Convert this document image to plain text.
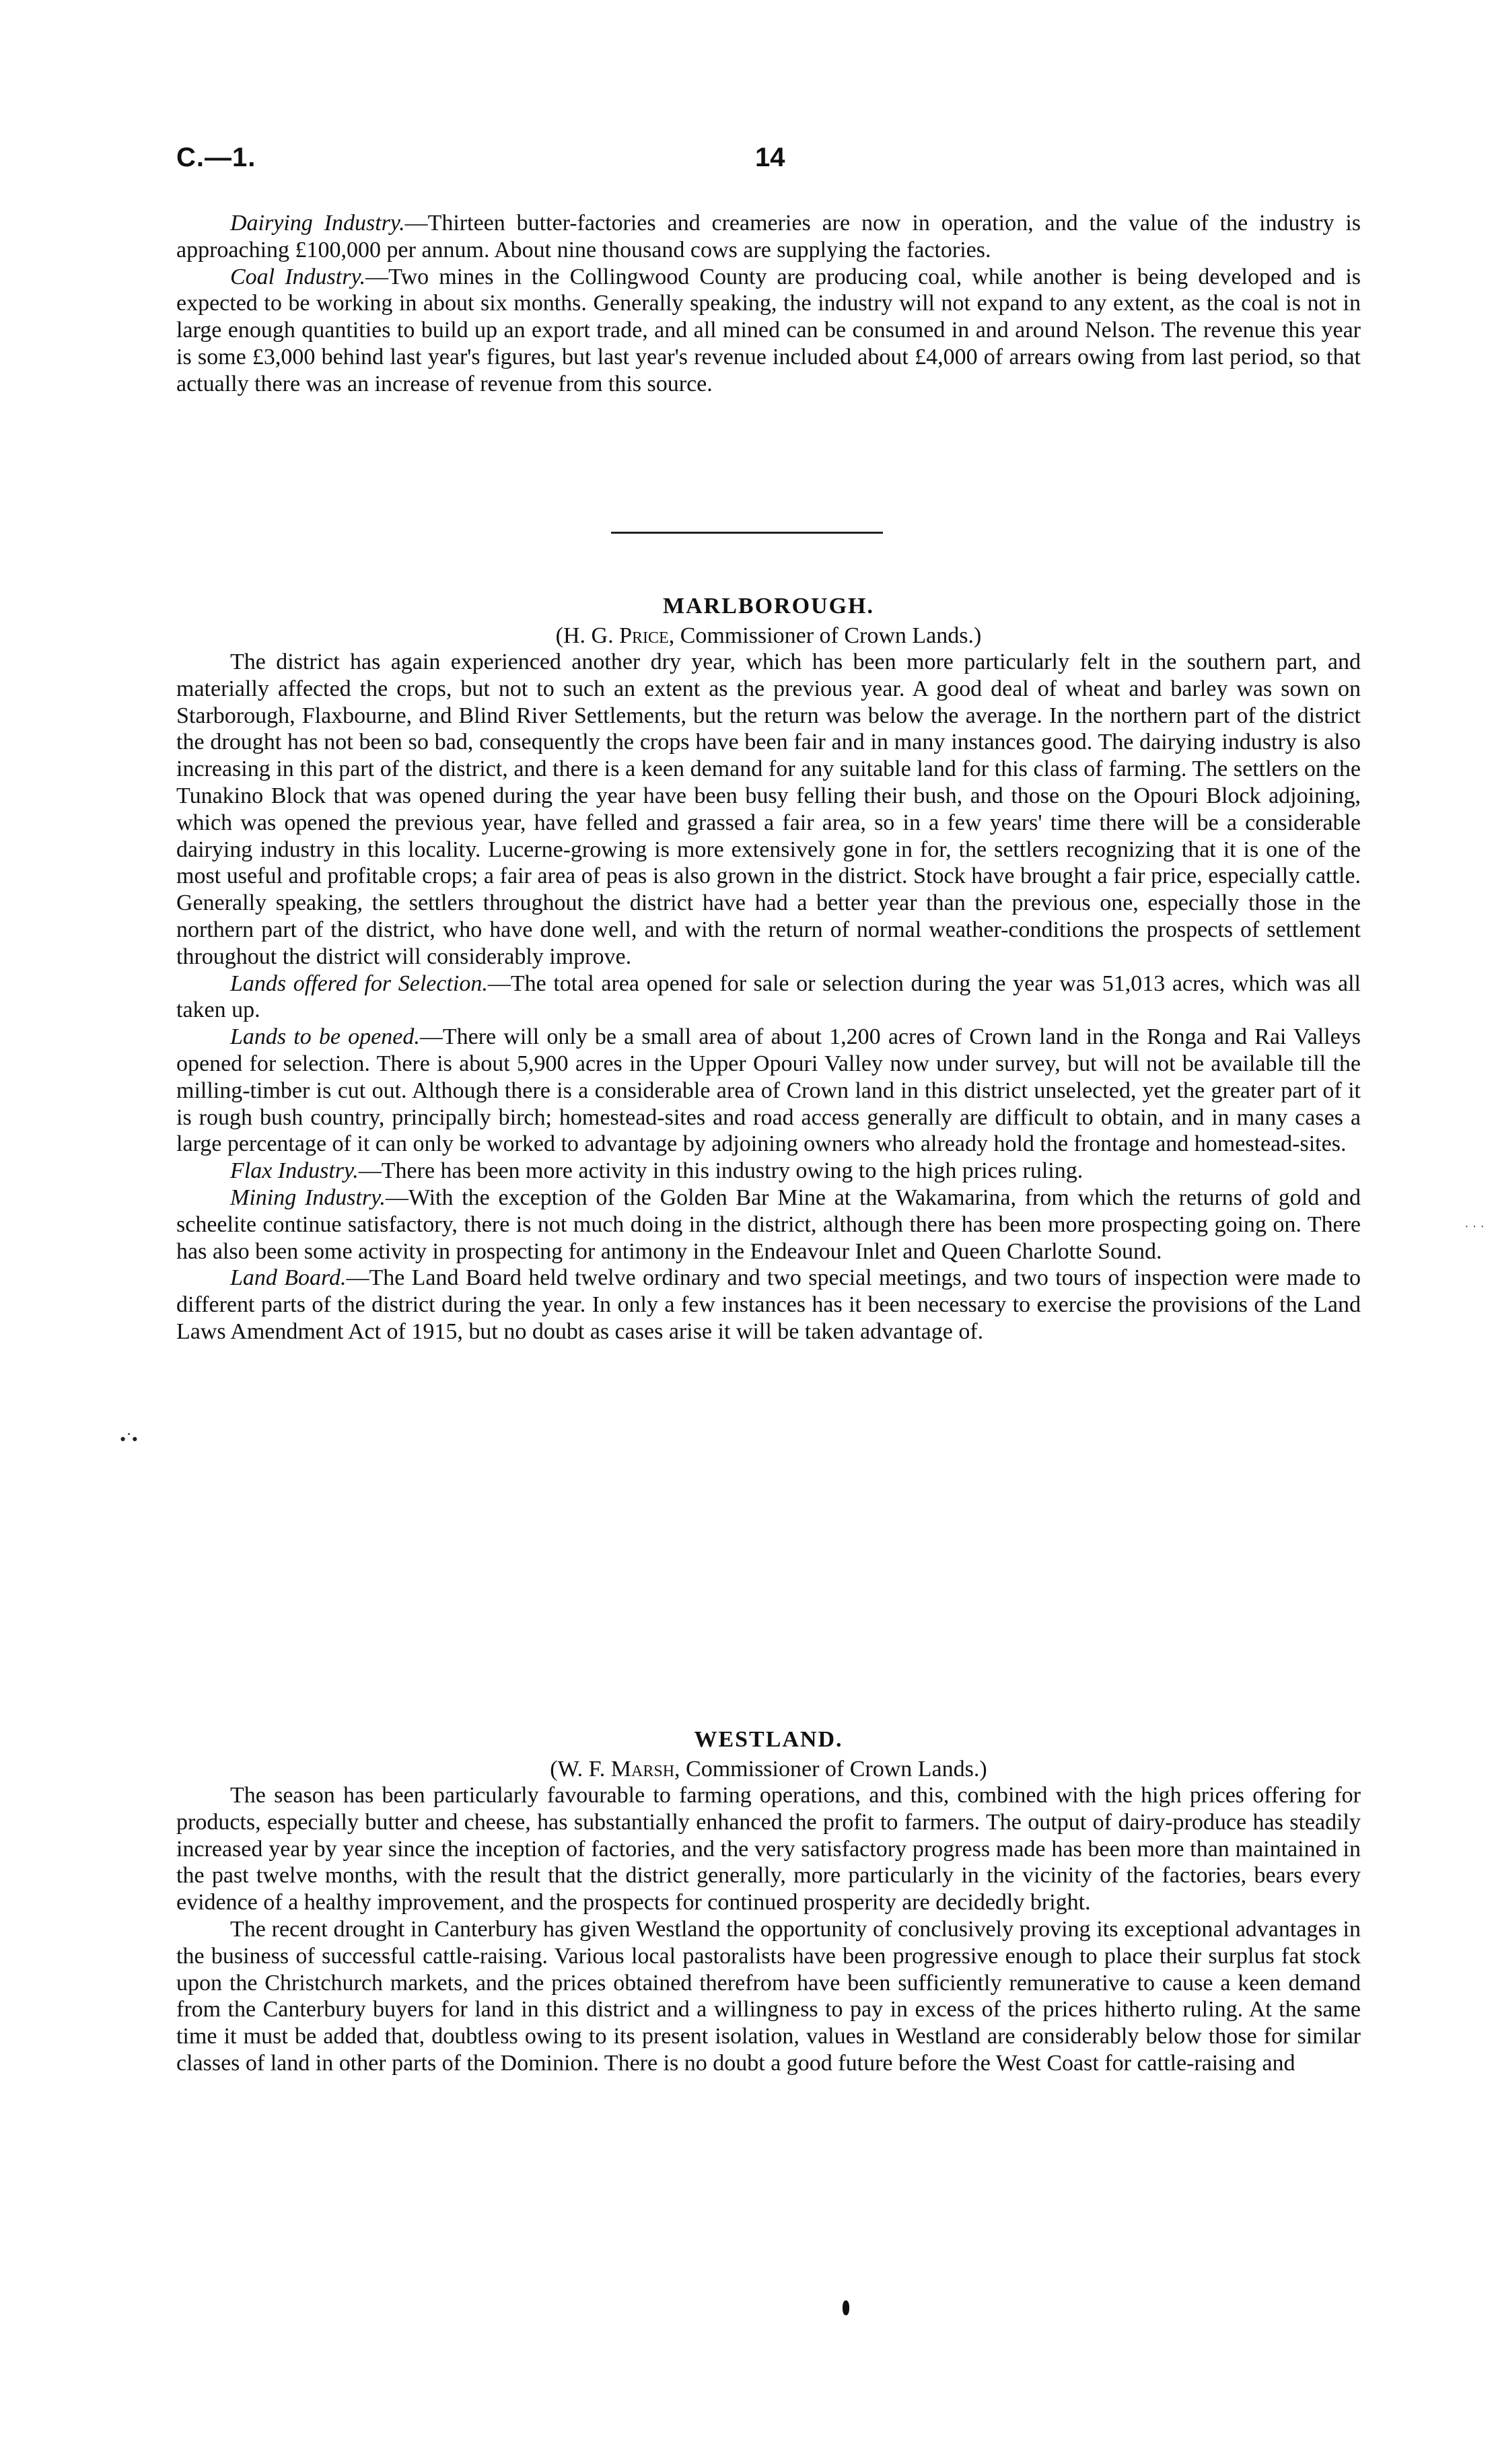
C.—1.	14

Dairying Industry.—Thirteen butter-factories and creameries are now in operation, and the value of the industry is approaching £100,000 per annum. About nine thousand cows are supplying the factories.

Coal Industry.—Two mines in the Collingwood County are producing coal, while another is being developed and is expected to be working in about six months. Generally speaking, the industry will not expand to any extent, as the coal is not in large enough quantities to build up an export trade, and all mined can be consumed in and around Nelson. The revenue this year is some £3,000 behind last year's figures, but last year's revenue included about £4,000 of arrears owing from last period, so that actually there was an increase of revenue from this source.

MARLBOROUGH.
(H. G. Price, Commissioner of Crown Lands.)

The district has again experienced another dry year, which has been more particularly felt in the southern part, and materially affected the crops, but not to such an extent as the previous year. A good deal of wheat and barley was sown on Starborough, Flaxbourne, and Blind River Settlements, but the return was below the average. In the northern part of the district the drought has not been so bad, consequently the crops have been fair and in many instances good. The dairying industry is also increasing in this part of the district, and there is a keen demand for any suitable land for this class of farming. The settlers on the Tunakino Block that was opened during the year have been busy felling their bush, and those on the Opouri Block adjoining, which was opened the previous year, have felled and grassed a fair area, so in a few years' time there will be a considerable dairying industry in this locality. Lucerne-growing is more extensively gone in for, the settlers recognizing that it is one of the most useful and profitable crops; a fair area of peas is also grown in the district. Stock have brought a fair price, especially cattle. Generally speaking, the settlers throughout the district have had a better year than the previous one, especially those in the northern part of the district, who have done well, and with the return of normal weather-conditions the prospects of settlement throughout the district will considerably improve.

Lands offered for Selection.—The total area opened for sale or selection during the year was 51,013 acres, which was all taken up.

Lands to be opened.—There will only be a small area of about 1,200 acres of Crown land in the Ronga and Rai Valleys opened for selection. There is about 5,900 acres in the Upper Opouri Valley now under survey, but will not be available till the milling-timber is cut out. Although there is a considerable area of Crown land in this district unselected, yet the greater part of it is rough bush country, principally birch; homestead-sites and road access generally are difficult to obtain, and in many cases a large percentage of it can only be worked to advantage by adjoining owners who already hold the frontage and homestead-sites.

Flax Industry.—There has been more activity in this industry owing to the high prices ruling.

Mining Industry.—With the exception of the Golden Bar Mine at the Wakamarina, from which the returns of gold and scheelite continue satisfactory, there is not much doing in the district, although there has been more prospecting going on. There has also been some activity in prospecting for antimony in the Endeavour Inlet and Queen Charlotte Sound.

Land Board.—The Land Board held twelve ordinary and two special meetings, and two tours of inspection were made to different parts of the district during the year. In only a few instances has it been necessary to exercise the provisions of the Land Laws Amendment Act of 1915, but no doubt as cases arise it will be taken advantage of.

WESTLAND.
(W. F. Marsh, Commissioner of Crown Lands.)

The season has been particularly favourable to farming operations, and this, combined with the high prices offering for products, especially butter and cheese, has substantially enhanced the profit to farmers. The output of dairy-produce has steadily increased year by year since the inception of factories, and the very satisfactory progress made has been more than maintained in the past twelve months, with the result that the district generally, more particularly in the vicinity of the factories, bears every evidence of a healthy improvement, and the prospects for continued prosperity are decidedly bright.

The recent drought in Canterbury has given Westland the opportunity of conclusively proving its exceptional advantages in the business of successful cattle-raising. Various local pastoralists have been progressive enough to place their surplus fat stock upon the Christchurch markets, and the prices obtained therefrom have been sufficiently remunerative to cause a keen demand from the Canterbury buyers for land in this district and a willingness to pay in excess of the prices hitherto ruling. At the same time it must be added that, doubtless owing to its present isolation, values in Westland are considerably below those for similar classes of land in other parts of the Dominion. There is no doubt a good future before the West Coast for cattle-raising and

· · ·
•˙•
